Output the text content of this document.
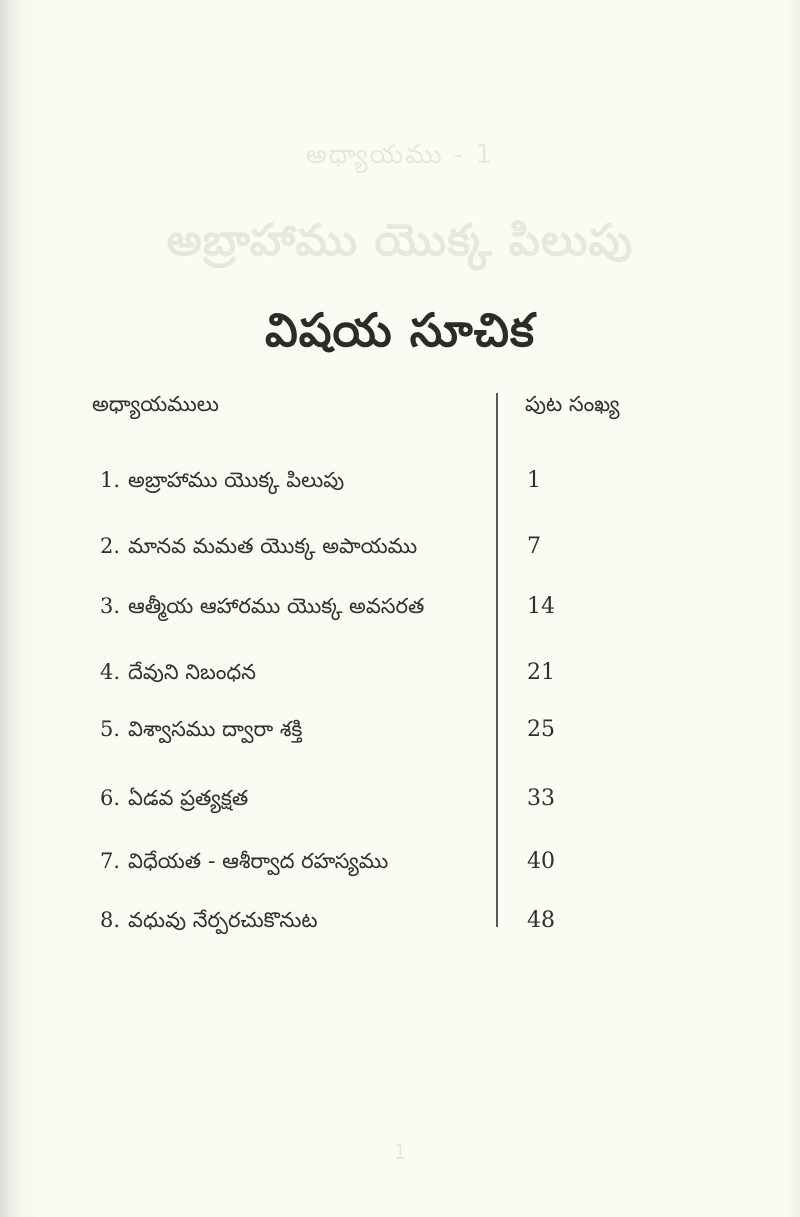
అధ్యాయము - 1
అబ్రాహాము యొక్క పిలుపు
1
విషయ సూచిక
అధ్యాయములు	పుట సంఖ్య
1. అబ్రాహాము యొక్క పిలుపు	1
2. మానవ మమత యొక్క అపాయము	7
3. ఆత్మీయ ఆహారము యొక్క అవసరత	14
4. దేవుని నిబంధన	21
5. విశ్వాసము ద్వారా శక్తి	25
6. ఏడవ ప్రత్యక్షత	33
7. విధేయత - ఆశీర్వాద రహస్యము	40
8. వధువు నేర్పరచుకొనుట	48
